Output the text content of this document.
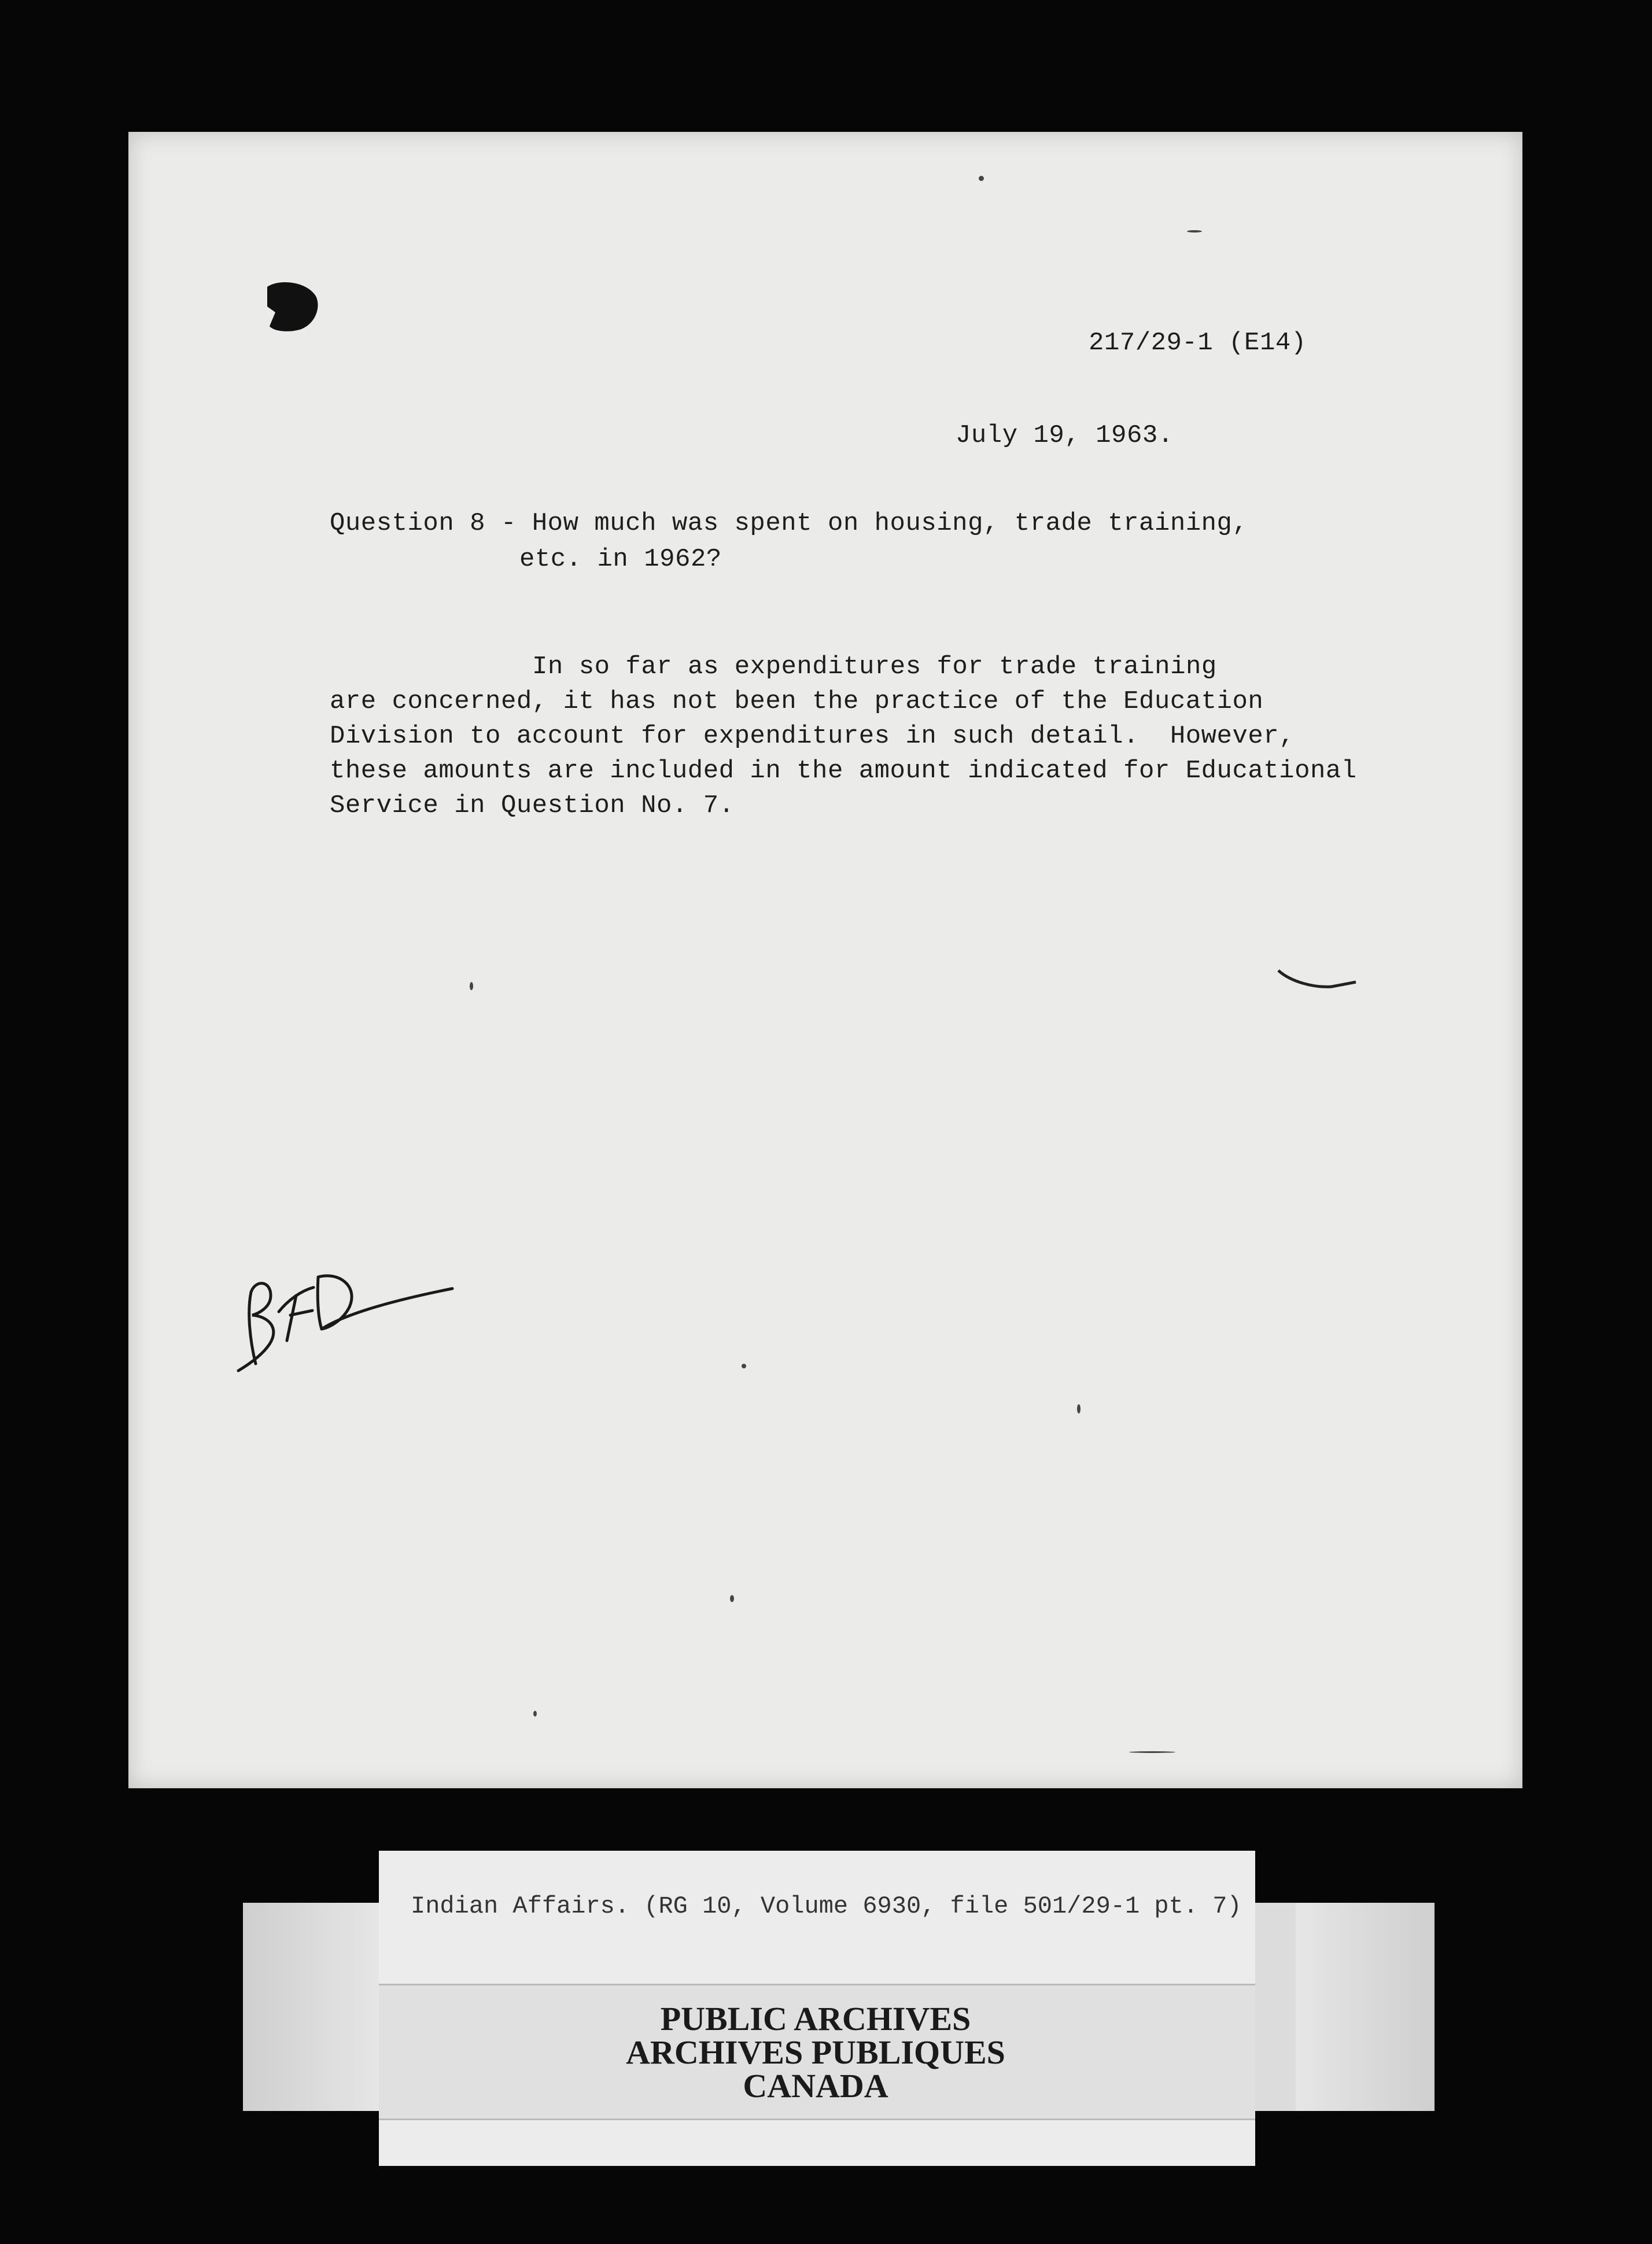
217/29-1 (E14)
July 19, 1963.
Question 8 - How much was spent on housing, trade training,
etc. in 1962?
In so far as expenditures for trade training
are concerned, it has not been the practice of the Education
Division to account for expenditures in such detail.  However,
these amounts are included in the amount indicated for Educational
Service in Question No. 7.
Indian Affairs. (RG 10, Volume 6930, file 501/29-1 pt. 7)
PUBLIC ARCHIVES
ARCHIVES PUBLIQUES
CANADA
